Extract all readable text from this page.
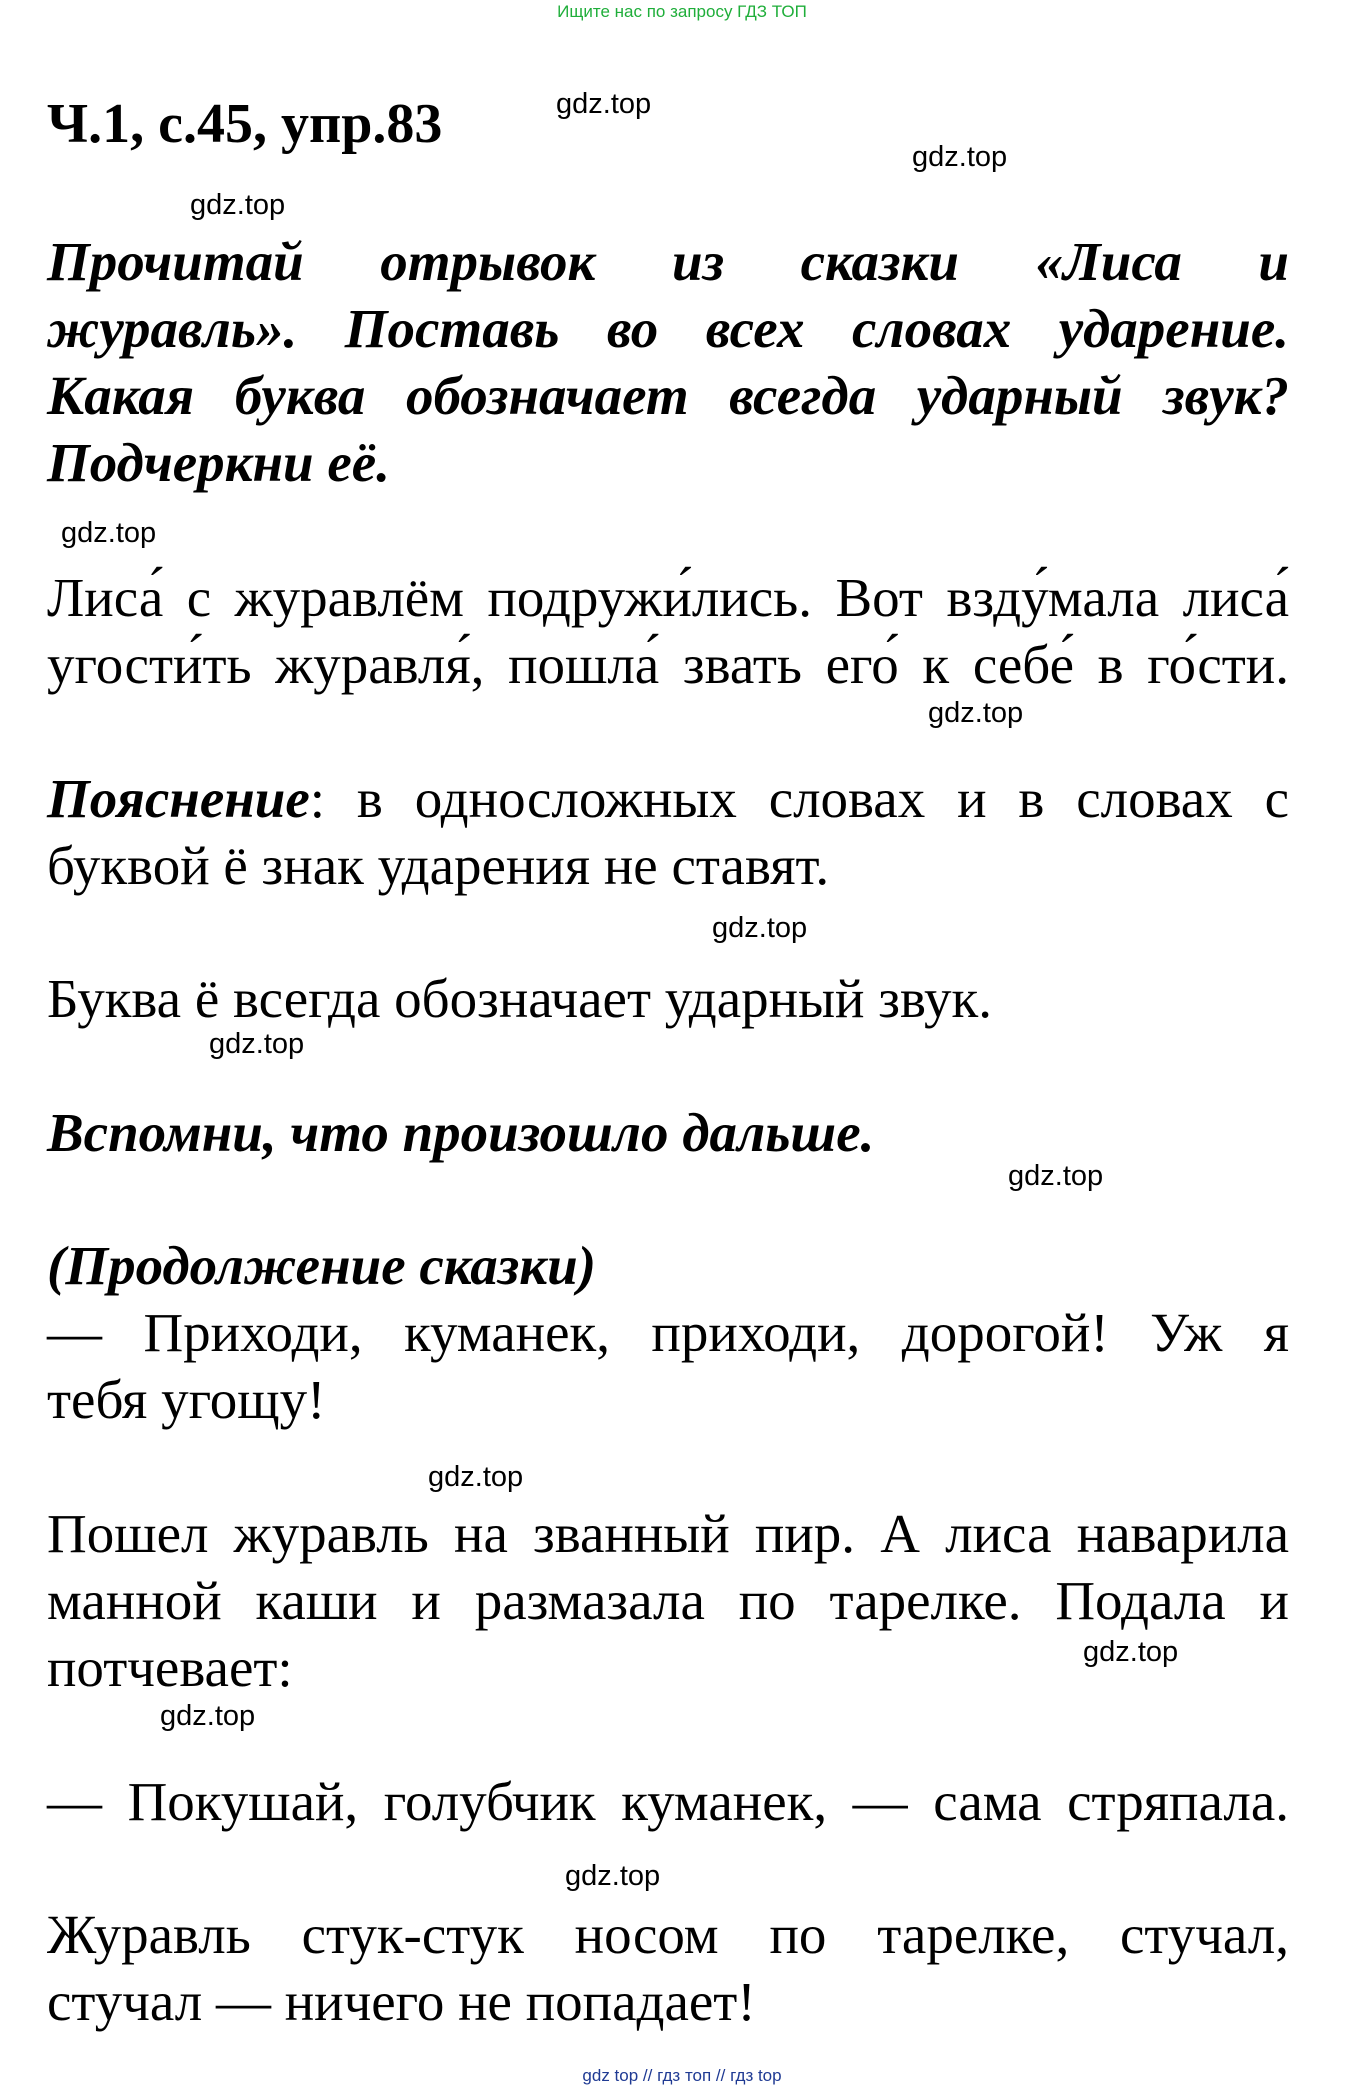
Ищите нас по запросу ГДЗ ТОП
Ч.1, с.45, упр.83	gdz.top
gdz.top
gdz.top
Прочитай отрывок из сказки «Лиса и
журавль». Поставь во всех словах ударение.
Какая буква обозначает всегда ударный звук?
Подчеркни её.
gdz.top
Лиса́ с журавлём подружи́лись. Вот взду́мала лиса́
угости́ть журавля́, пошла́ звать его́ к себе́ в го́сти.
gdz.top
Пояснение: в односложных словах и в словах с
буквой ё знак ударения не ставят.
gdz.top
Буква ё всегда обозначает ударный звук.
gdz.top
Вспомни, что произошло дальше.
gdz.top
(Продолжение сказки)
— Приходи, куманек, приходи, дорогой! Уж я
тебя угощу!
gdz.top
Пошел журавль на званный пир. А лиса наварила
манной каши и размазала по тарелке. Подала и
потчевает:	gdz.top
gdz.top
— Покушай, голубчик куманек, — сама стряпала.
gdz.top
Журавль стук-стук носом по тарелке, стучал,
стучал — ничего не попадает!
gdz top // гдз топ // гдз top
